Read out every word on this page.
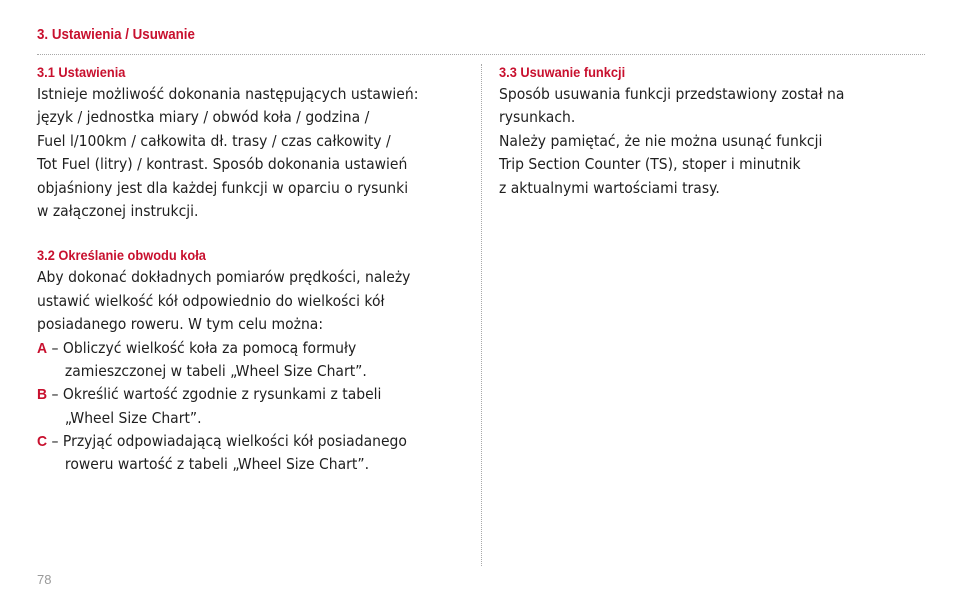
3. Ustawienia / Usuwanie
3.1 Ustawienia
Istnieje możliwość dokonania następujących ustawień:
język / jednostka miary / obwód koła / godzina /
Fuel l/100km / całkowita dł. trasy / czas całkowity /
Tot Fuel (litry) / kontrast. Sposób dokonania ustawień
objaśniony jest dla każdej funkcji w oparciu o rysunki
w załączonej instrukcji.
3.2 Określanie obwodu koła
Aby dokonać dokładnych pomiarów prędkości, należy
ustawić wielkość kół odpowiednio do wielkości kół
posiadanego roweru. W tym celu można:
A – Obliczyć wielkość koła za pomocą formuły
zamieszczonej w tabeli „Wheel Size Chart”.
B – Określić wartość zgodnie z rysunkami z tabeli
„Wheel Size Chart”.
C – Przyjąć odpowiadającą wielkości kół posiadanego
roweru wartość z tabeli „Wheel Size Chart”.
3.3 Usuwanie funkcji
Sposób usuwania funkcji przedstawiony został na
rysunkach.
Należy pamiętać, że nie można usunąć funkcji
Trip Section Counter (TS), stoper i minutnik
z aktualnymi wartościami trasy.
78
